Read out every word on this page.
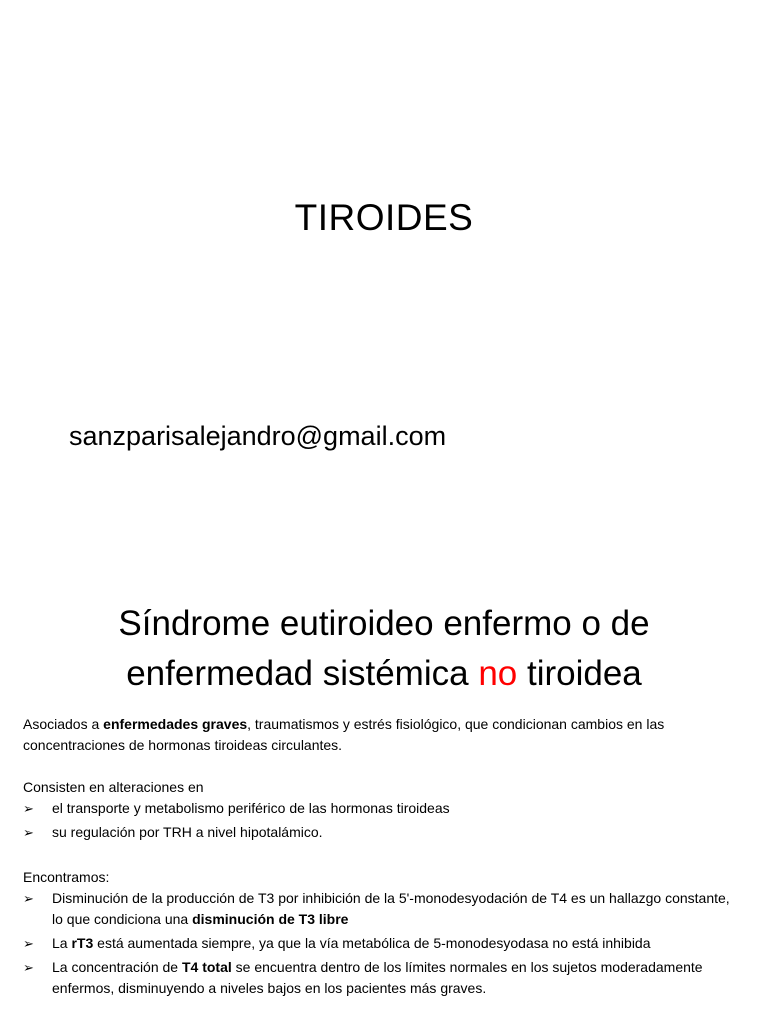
TIROIDES
sanzparisalejandro@gmail.com
Síndrome eutiroideo enfermo o de
enfermedad sistémica no tiroidea

Asociados a enfermedades graves, traumatismos y estrés fisiológico, que condicionan cambios en las concentraciones de hormonas tiroideas circulantes.

Consisten en alteraciones en

➢ el transporte y metabolismo periférico de las hormonas tiroideas
➢ su regulación por TRH a nivel hipotalámico.

Encontramos:

➢ Disminución de la producción de T3 por inhibición de la 5'-monodesyodación de T4 es un hallazgo constante, lo que condiciona una disminución de T3 libre
➢ La rT3 está aumentada siempre, ya que la vía metabólica de 5-monodesyodasa no está inhibida
➢ La concentración de T4 total se encuentra dentro de los límites normales en los sujetos moderadamente enfermos, disminuyendo a niveles bajos en los pacientes más graves.
